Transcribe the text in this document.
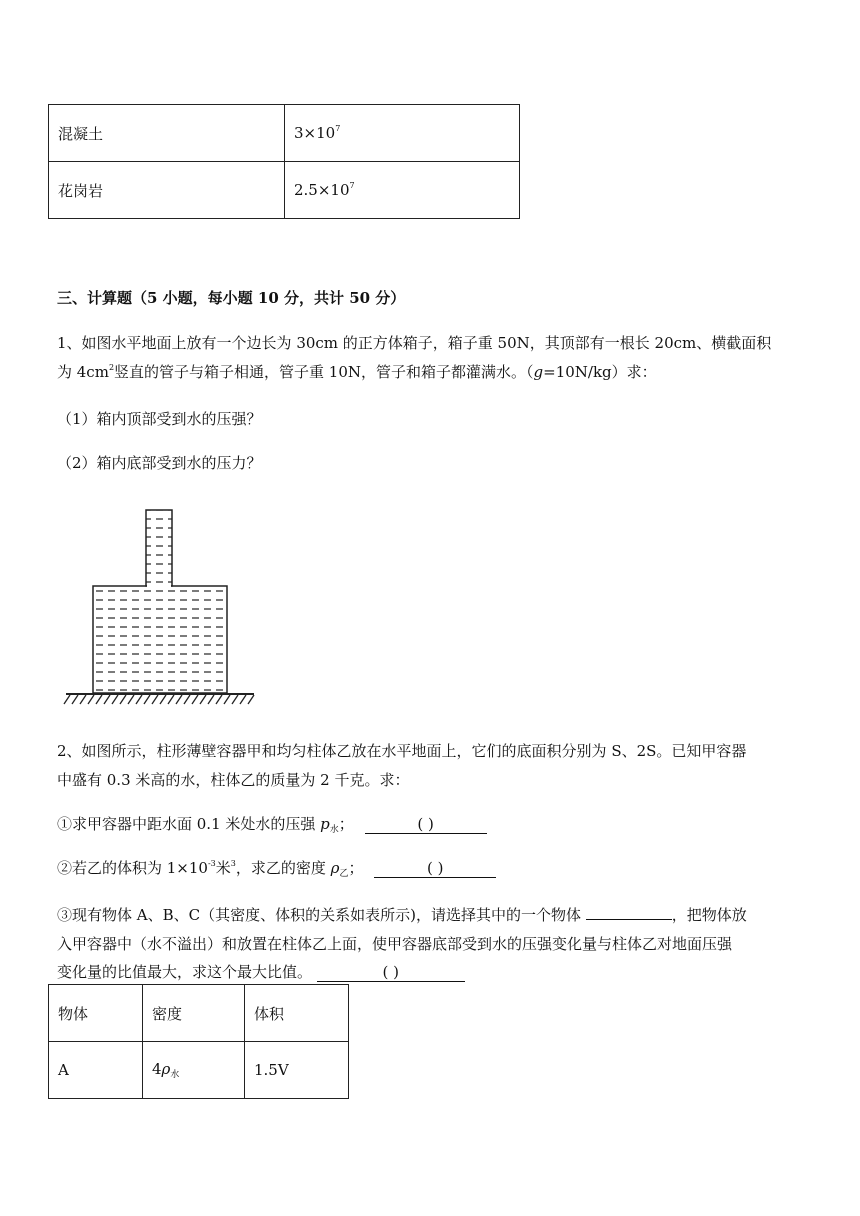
混凝土	$3\times 10^7$
花岗岩	$2.5\times 10^7$
三、计算题（5 小题，每小题 10 分，共计 50 分）
1、如图水平地面上放有一个边长为 30cm 的正方体箱子，箱子重 50N，其顶部有一根长 20cm、横截面积
为 $4cm^2$竖直的管子与箱子相通，管子重 10N，管子和箱子都灌满水。（g=10N/kg）求：
（1）箱内顶部受到水的压强？
（2）箱内底部受到水的压力？
2、如图所示，柱形薄壁容器甲和均匀柱体乙放在水平地面上，它们的底面积分别为 S、2S。已知甲容器
中盛有 0.3 米高的水，柱体乙的质量为 2 千克。求：
①求甲容器中距水面 0.1 米处水的压强 $p_水$；	( )
②若乙的体积为 $1\times 10^{-3}$米$^3$，求乙的密度 $\rho_乙$；	( )
③现有物体 A、B、C（其密度、体积的关系如表所示)，请选择其中的一个物体	，把物体放
入甲容器中（水不溢出）和放置在柱体乙上面，使甲容器底部受到水的压强变化量与柱体乙对地面压强
变化量的比值最大，求这个最大比值。	( )
物体	密度	体积
A	$4\rho_水$	1.5V
